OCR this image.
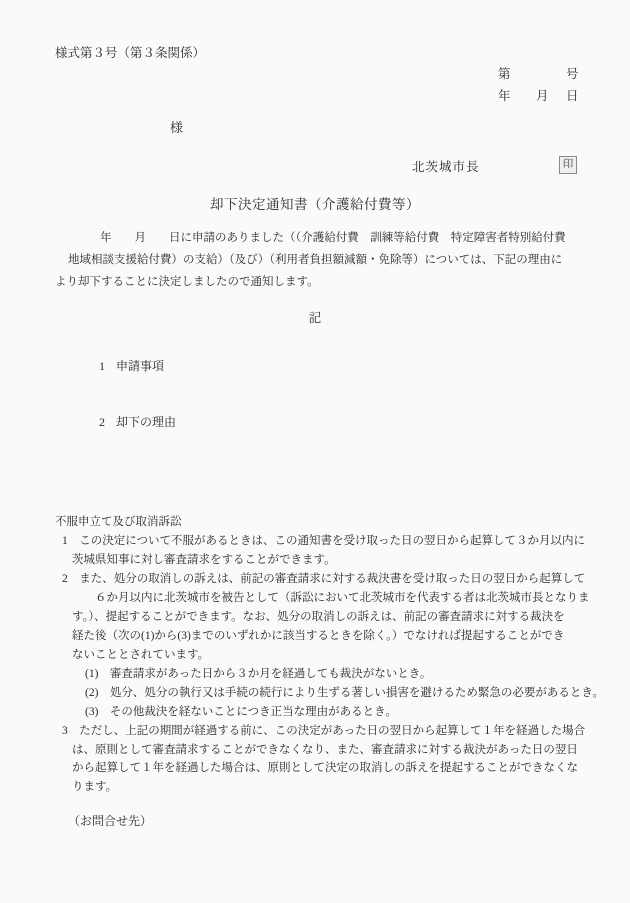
様式第３号（第３条関係）
第	号
年 月 日
様
北茨城市長	印
却下決定通知書（介護給付費等）
年　　月　　日に申請のありました（（介護給付費　訓練等給付費　特定障害者特別給付費
地域相談支援給付費）の支給）（及び）（利用者負担額減額・免除等）については、下記の理由に
より却下することに決定しましたので通知します。
記

1 申請事項

2 却下の理由

不服申立て及び取消訴訟
1　この決定について不服があるときは、この通知書を受け取った日の翌日から起算して３か月以内に
茨城県知事に対し審査請求をすることができます。
2　また、処分の取消しの訴えは、前記の審査請求に対する裁決書を受け取った日の翌日から起算して
６か月以内に北茨城市を被告として（訴訟において北茨城市を代表する者は北茨城市長となりま
す。）、提起することができます。なお、処分の取消しの訴えは、前記の審査請求に対する裁決を
経た後（次の(1)から(3)までのいずれかに該当するときを除く。）でなければ提起することができ
ないこととされています。
(1)　審査請求があった日から３か月を経過しても裁決がないとき。
(2)　処分、処分の執行又は手続の続行により生ずる著しい損害を避けるため緊急の必要があるとき。
(3)　その他裁決を経ないことにつき正当な理由があるとき。
3　ただし、上記の期間が経過する前に、この決定があった日の翌日から起算して１年を経過した場合
は、原則として審査請求することができなくなり、また、審査請求に対する裁決があった日の翌日
から起算して１年を経過した場合は、原則として決定の取消しの訴えを提起することができなくな
ります。
（お問合せ先）
